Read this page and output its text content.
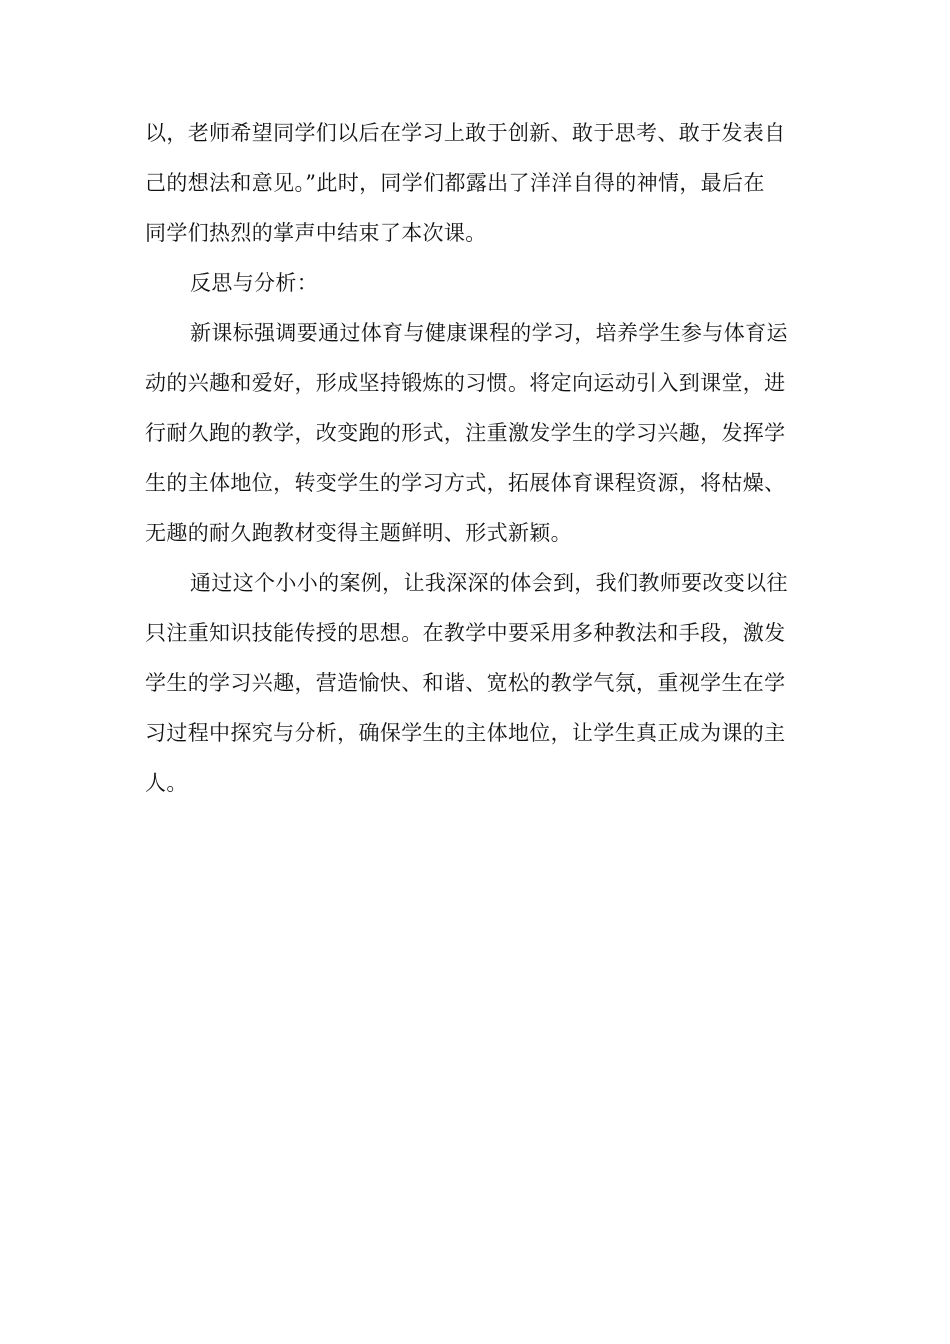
以，老师希望同学们以后在学习上敢于创新、敢于思考、敢于发表自
己的想法和意见。”此时，同学们都露出了洋洋自得的神情，最后在
同学们热烈的掌声中结束了本次课。
反思与分析：
新课标强调要通过体育与健康课程的学习，培养学生参与体育运
动的兴趣和爱好，形成坚持锻炼的习惯。将定向运动引入到课堂，进
行耐久跑的教学，改变跑的形式，注重激发学生的学习兴趣，发挥学
生的主体地位，转变学生的学习方式，拓展体育课程资源，将枯燥、
无趣的耐久跑教材变得主题鲜明、形式新颖。
通过这个小小的案例，让我深深的体会到，我们教师要改变以往
只注重知识技能传授的思想。在教学中要采用多种教法和手段，激发
学生的学习兴趣，营造愉快、和谐、宽松的教学气氛，重视学生在学
习过程中探究与分析，确保学生的主体地位，让学生真正成为课的主
人。
